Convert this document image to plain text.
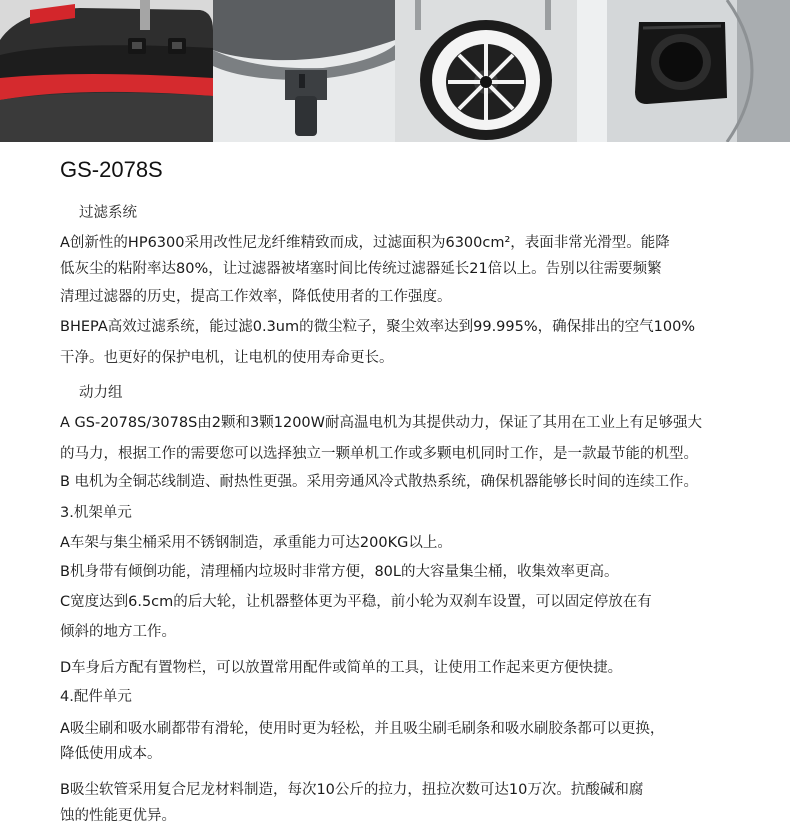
GS-2078S
过滤系统
A创新性的HP6300采用改性尼龙纤维精致而成，过滤面积为6300cm²，表面非常光滑型。能降
低灰尘的粘附率达80%，让过滤器被堵塞时间比传统过滤器延长21倍以上。告别以往需要频繁
清理过滤器的历史，提高工作效率，降低使用者的工作强度。
BHEPA高效过滤系统，能过滤0.3um的微尘粒子，聚尘效率达到99.995%，确保排出的空气100%
干净。也更好的保护电机，让电机的使用寿命更长。
动力组
A GS-2078S/3078S由2颗和3颗1200W耐高温电机为其提供动力，保证了其用在工业上有足够强大
的马力，根据工作的需要您可以选择独立一颗单机工作或多颗电机同时工作，是一款最节能的机型。
B 电机为全铜芯线制造、耐热性更强。采用旁通风冷式散热系统，确保机器能够长时间的连续工作。
3.机架单元
A车架与集尘桶采用不锈钢制造，承重能力可达200KG以上。
B机身带有倾倒功能，清理桶内垃圾时非常方便，80L的大容量集尘桶，收集效率更高。
C宽度达到6.5cm的后大轮，让机器整体更为平稳，前小轮为双刹车设置，可以固定停放在有
倾斜的地方工作。
D车身后方配有置物栏，可以放置常用配件或简单的工具，让使用工作起来更方便快捷。
4.配件单元
A吸尘刷和吸水刷都带有滑轮，使用时更为轻松，并且吸尘刷毛刷条和吸水刷胶条都可以更换，
降低使用成本。
B吸尘软管采用复合尼龙材料制造，每次10公斤的拉力，扭拉次数可达10万次。抗酸碱和腐
蚀的性能更优异。
